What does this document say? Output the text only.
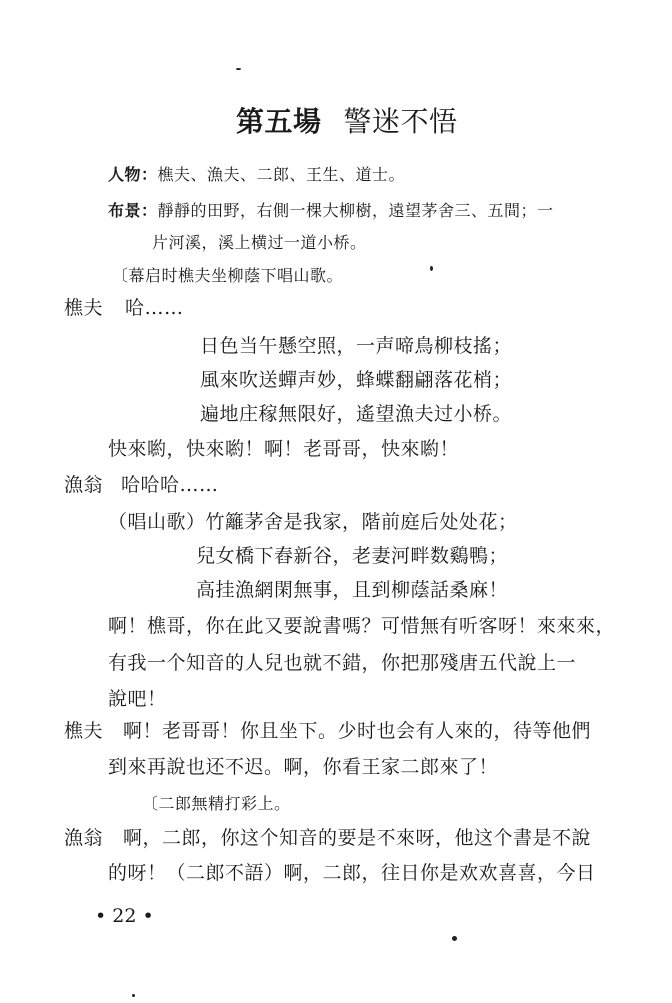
第五場 警迷不悟
人物：樵夫、漁夫、二郎、王生、道士。
布景：靜靜的田野，右側一棵大柳樹，遠望茅舍三、五間；一
片河溪，溪上横过一道小桥。
〔幕启时樵夫坐柳蔭下唱山歌。
樵夫 哈……
日色当午懸空照，一声啼鳥柳枝搖；
風來吹送蟬声妙，蜂蝶翻翩落花梢；
遍地庄稼無限好，遙望漁夫过小桥。
快來喲，快來喲！啊！老哥哥，快來喲！
漁翁 哈哈哈……
（唱山歌）竹籬茅舍是我家，階前庭后处处花；
兒女橋下舂新谷，老妻河畔数鷄鴨；
高挂漁網閑無事，且到柳蔭話桑麻！
啊！樵哥，你在此又要說書嗎？可惜無有听客呀！來來來，
有我一个知音的人兒也就不錯，你把那殘唐五代說上一
說吧！
樵夫 啊！老哥哥！你且坐下。少时也会有人來的，待等他們
到來再說也还不迟。啊，你看王家二郎來了！
〔二郎無精打彩上。
漁翁 啊，二郎，你这个知音的要是不來呀，他这个書是不說
的呀！（二郎不語）啊，二郎，往日你是欢欢喜喜，今日
• 22 •
